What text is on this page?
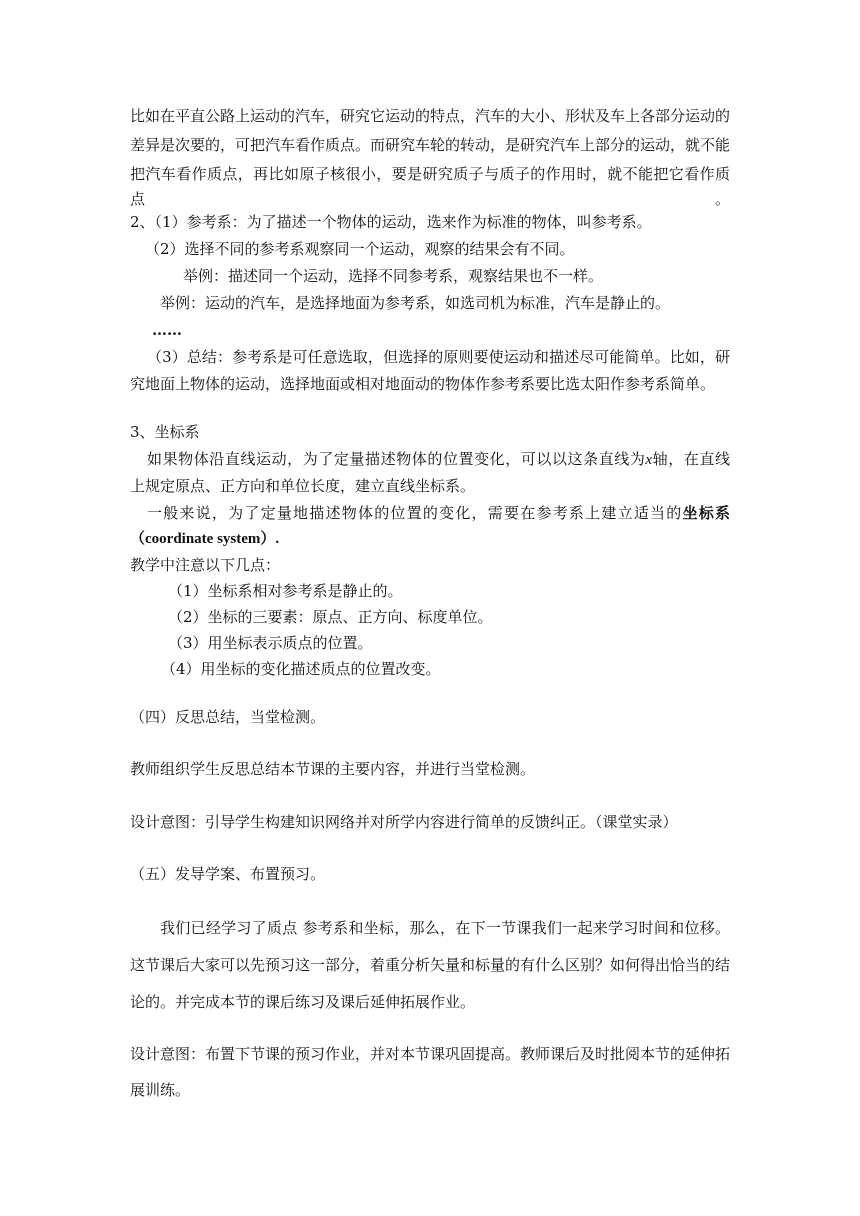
比如在平直公路上运动的汽车，研究它运动的特点，汽车的大小、形状及车上各部分运动的
差异是次要的，可把汽车看作质点。而研究车轮的转动，是研究汽车上部分的运动，就不能
把汽车看作质点，再比如原子核很小，要是研究质子与质子的作用时，就不能把它看作质点。
2、（1）参考系：为了描述一个物体的运动，选来作为标准的物体，叫参考系。
（2）选择不同的参考系观察同一个运动，观察的结果会有不同。
举例：描述同一个运动，选择不同参考系，观察结果也不一样。
举例：运动的汽车，是选择地面为参考系，如选司机为标准，汽车是静止的。
……
（3）总结：参考系是可任意选取，但选择的原则要使运动和描述尽可能简单。比如，研
究地面上物体的运动，选择地面或相对地面动的物体作参考系要比选太阳作参考系简单。
3、坐标系
如果物体沿直线运动，为了定量描述物体的位置变化，可以以这条直线为x轴，在直线
上规定原点、正方向和单位长度，建立直线坐标系。
一般来说，为了定量地描述物体的位置的变化，需要在参考系上建立适当的坐标系
（coordinate system）.
教学中注意以下几点：
（1）坐标系相对参考系是静止的。
（2）坐标的三要素：原点、正方向、标度单位。
（3）用坐标表示质点的位置。
（4）用坐标的变化描述质点的位置改变。
（四）反思总结，当堂检测。
教师组织学生反思总结本节课的主要内容，并进行当堂检测。
设计意图：引导学生构建知识网络并对所学内容进行简单的反馈纠正。（课堂实录）
（五）发导学案、布置预习。
我们已经学习了质点 参考系和坐标，那么，在下一节课我们一起来学习时间和位移。
这节课后大家可以先预习这一部分，着重分析矢量和标量的有什么区别？如何得出恰当的结
论的。并完成本节的课后练习及课后延伸拓展作业。
设计意图：布置下节课的预习作业，并对本节课巩固提高。教师课后及时批阅本节的延伸拓
展训练。
